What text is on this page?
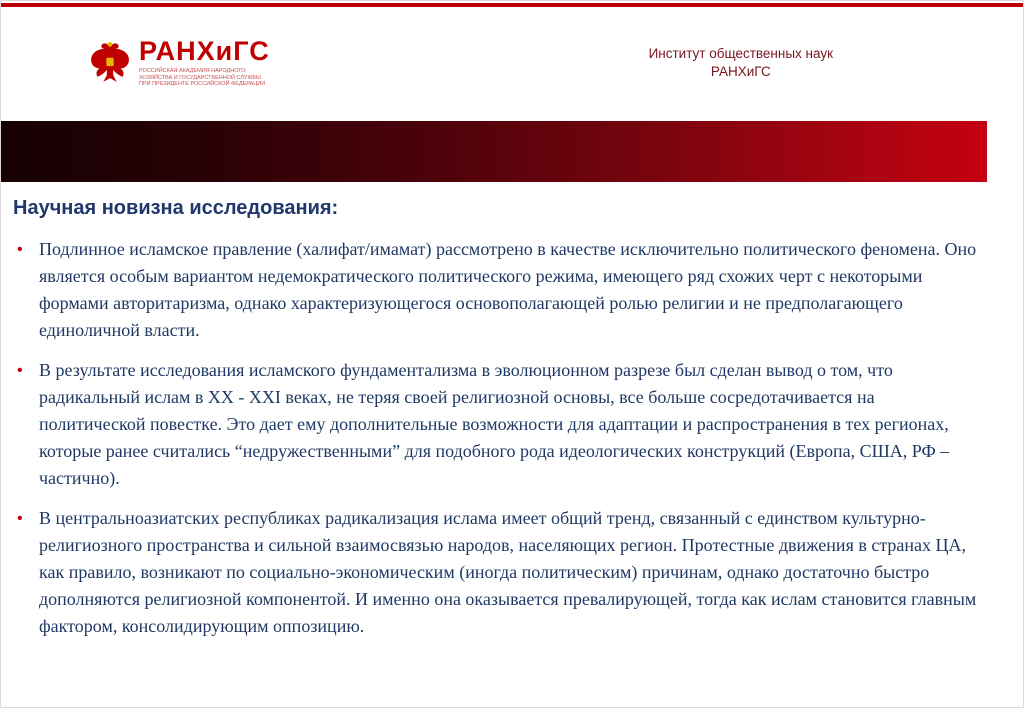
РАНХиГС
РОССИЙСКАЯ АКАДЕМИЯ НАРОДНОГО ХОЗЯЙСТВА И ГОСУДАРСТВЕННОЙ СЛУЖБЫ ПРИ ПРЕЗИДЕНТЕ РОССИЙСКОЙ ФЕДЕРАЦИИ
Институт общественных наук
РАНХиГС
Научная новизна исследования:
• Подлинное исламское правление (халифат/имамат) рассмотрено в качестве исключительно политического феномена. Оно является особым вариантом недемократического политического режима, имеющего ряд схожих черт с некоторыми формами авторитаризма, однако характеризующегося основополагающей ролью религии и не предполагающего единоличной власти.
• В результате исследования исламского фундаментализма в эволюционном разрезе был сделан вывод о том, что радикальный ислам в XX - XXI веках, не теряя своей религиозной основы, все больше сосредотачивается на политической повестке. Это дает ему дополнительные возможности для адаптации и распространения в тех регионах, которые ранее считались “недружественными” для подобного рода идеологических конструкций (Европа, США, РФ – частично).
• В центральноазиатских республиках радикализация ислама имеет общий тренд, связанный с единством культурно-религиозного пространства и сильной взаимосвязью народов, населяющих регион. Протестные движения в странах ЦА, как правило, возникают по социально-экономическим (иногда политическим) причинам, однако достаточно быстро дополняются религиозной компонентой. И именно она оказывается превалирующей, тогда как ислам становится главным фактором, консолидирующим оппозицию.
